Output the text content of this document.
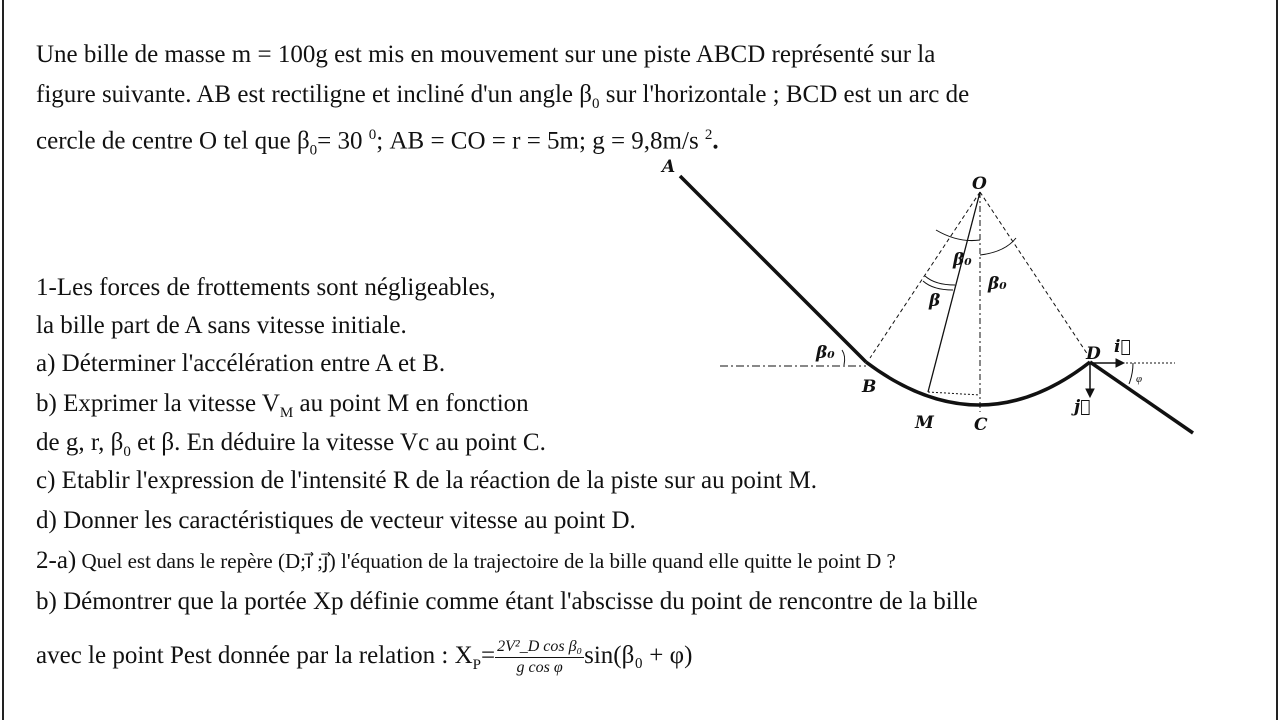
Une bille de masse m = 100g est mis en mouvement sur une piste ABCD représenté sur la
figure suivante. AB est rectiligne et incliné d'un angle $\beta_0$ sur l'horizontale ; BCD est un arc de
cercle de centre O tel que $\beta_0= 30$ $^0$; AB = CO = r = 5m; g = 9,8m/s $^2$.
1-Les forces de frottements sont négligeables,
la bille part de A sans vitesse initiale.
a) Déterminer l'accélération entre A et B.
b) Exprimer la vitesse $V_M$ au point M en fonction
de g, r, $\beta_0$ et β. En déduire la vitesse Vc au point C.
c) Etablir l'expression de l'intensité R de la réaction de la piste sur au point M.
d) Donner les caractéristiques de vecteur vitesse au point D.
2-a) Quel est dans le repère (D;i⃗ ;j⃗) l'équation de la trajectoire de la bille quand elle quitte le point D ?
b) Démontrer que la portée Xp définie comme étant l'abscisse du point de rencontre de la bille
avec le point Pest donnée par la relation : $X_P= \frac{\text{2V²\_D cos β₀}}{\text{g cos φ}} \sin(\beta_0 + \varphi)$
A
O
B
M C
D
β₀
β₀
β
β₀	i⃗
j⃗
φ
